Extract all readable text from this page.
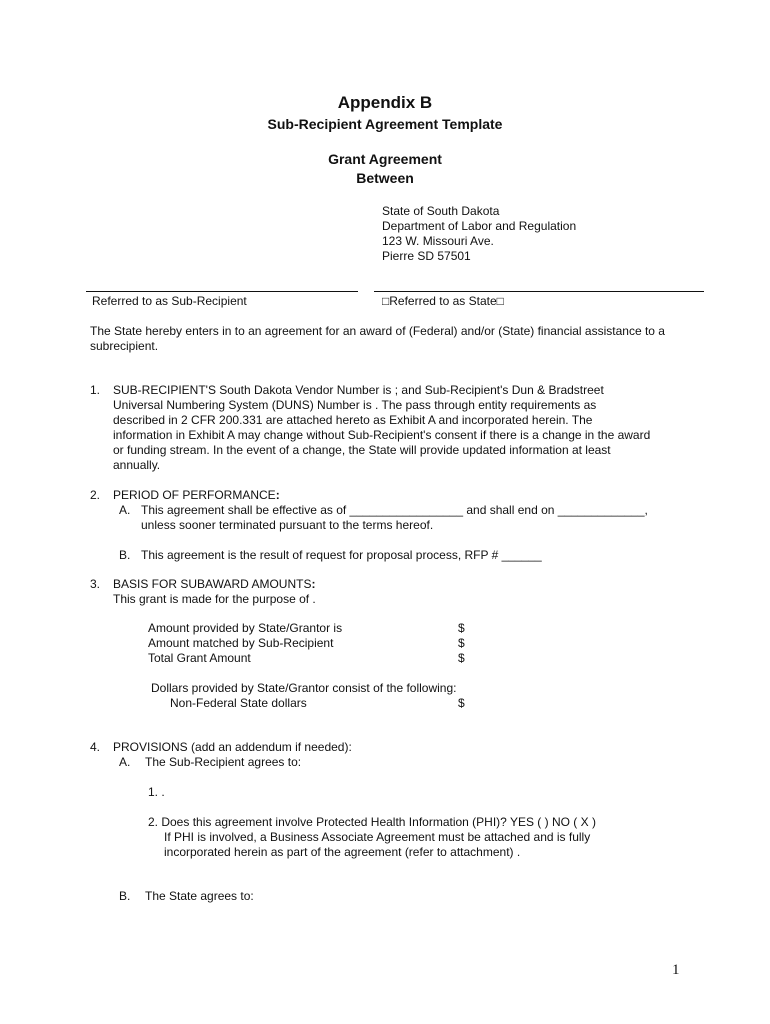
Appendix B
Sub-Recipient Agreement Template
Grant Agreement
Between
State of South Dakota
Department of Labor and Regulation
123 W. Missouri Ave.
Pierre SD 57501
Referred to as Sub-Recipient	□Referred to as State□
The State hereby enters in to an agreement for an award of (Federal) and/or (State) financial assistance to a subrecipient.
1. SUB-RECIPIENT'S South Dakota Vendor Number is ; and Sub-Recipient's Dun & Bradstreet
Universal Numbering System (DUNS) Number is . The pass through entity requirements as
described in 2 CFR 200.331 are attached hereto as Exhibit A and incorporated herein. The
information in Exhibit A may change without Sub-Recipient's consent if there is a change in the award
or funding stream. In the event of a change, the State will provide updated information at least
annually.
2. PERIOD OF PERFORMANCE:
A. This agreement shall be effective as of _________________ and shall end on _____________,
unless sooner terminated pursuant to the terms hereof.
B. This agreement is the result of request for proposal process, RFP # ______
3. BASIS FOR SUBAWARD AMOUNTS:
This grant is made for the purpose of .
Amount provided by State/Grantor is	$
Amount matched by Sub-Recipient	$
Total Grant Amount	$
Dollars provided by State/Grantor consist of the following:
Non-Federal State dollars	$
4. PROVISIONS (add an addendum if needed):
A. The Sub-Recipient agrees to:
1. .
2. Does this agreement involve Protected Health Information (PHI)? YES ( ) NO ( X )
If PHI is involved, a Business Associate Agreement must be attached and is fully
incorporated herein as part of the agreement (refer to attachment) .
B. The State agrees to:
1
